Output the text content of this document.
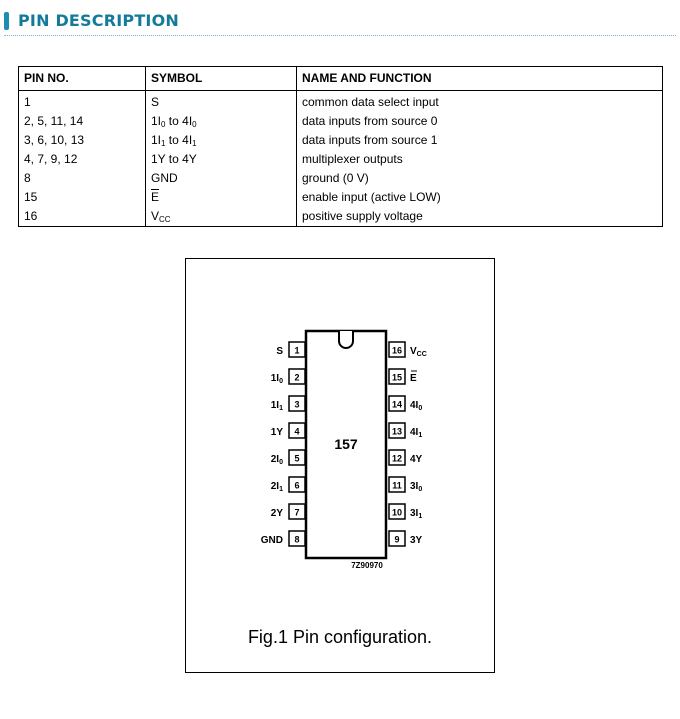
PIN DESCRIPTION
PIN NO.	SYMBOL	NAME AND FUNCTION
1	S	common data select input
2, 5, 11, 14	$1I_0$ to $4I_0$	data inputs from source 0
3, 6, 10, 13	$1I_1$ to $4I_1$	data inputs from source 1
4, 7, 9, 12	1Y to 4Y	multiplexer outputs
8	GND	ground (0 V)
15	$\overline{E}$	enable input (active LOW)
16	$V_{CC}$	positive supply voltage
157
7Z90970
1
S
2
$1I_0$
3
$1I_1$
4
1Y
5
$2I_0$
6
$2I_1$
7
2Y
8
GND
16 $V_{CC}$
15 E
14 $4I_0$
13 $4I_1$
12 4Y
11 $3I_0$
10 $3I_1$
9 3Y
Fig.1 Pin configuration.
